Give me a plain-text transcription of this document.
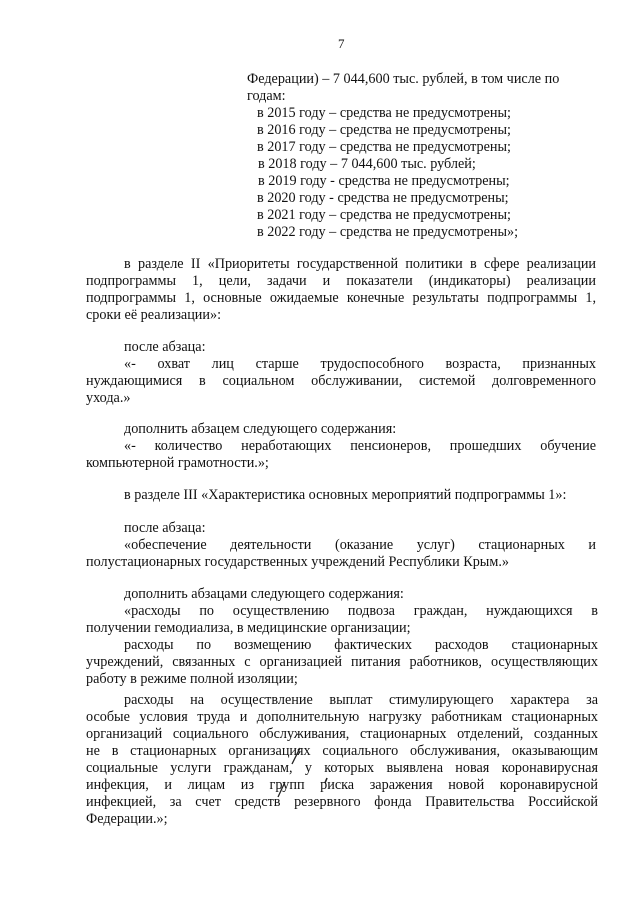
7
Федерации) – 7 044,600 тыс. рублей, в том числе по
годам:
в 2015 году – средства не предусмотрены;
в 2016 году – средства не предусмотрены;
в 2017 году – средства не предусмотрены;
в 2018 году – 7 044,600 тыс. рублей;
в 2019 году - средства не предусмотрены;
в 2020 году - средства не предусмотрены;
в 2021 году – средства не предусмотрены;
в 2022 году – средства не предусмотрены»;
в разделе II «Приоритеты государственной политики в сфере реализации
подпрограммы 1, цели, задачи и показатели (индикаторы) реализации
подпрограммы 1, основные ожидаемые конечные результаты подпрограммы 1,
сроки её реализации»:
после абзаца:
«- охват лиц старше трудоспособного возраста, признанных
нуждающимися в социальном обслуживании, системой долговременного
ухода.»
дополнить абзацем следующего содержания:
«- количество неработающих пенсионеров, прошедших обучение
компьютерной грамотности.»;
в разделе III «Характеристика основных мероприятий подпрограммы 1»:
после абзаца:
«обеспечение деятельности (оказание услуг) стационарных и
полустационарных государственных учреждений Республики Крым.»
дополнить абзацами следующего содержания:
«расходы по осуществлению подвоза граждан, нуждающихся в
получении гемодиализа, в медицинские организации;
расходы по возмещению фактических расходов стационарных
учреждений, связанных с организацией питания работников, осуществляющих
работу в режиме полной изоляции;
расходы на осуществление выплат стимулирующего характера за
особые условия труда и дополнительную нагрузку работникам стационарных
организаций социального обслуживания, стационарных отделений, созданных
не в стационарных организациях социального обслуживания, оказывающим
социальные услуги гражданам, у которых выявлена новая коронавирусная
инфекция, и лицам из групп риска заражения новой коронавирусной
инфекцией, за счет средств резервного фонда Правительства Российской
Федерации.»;
